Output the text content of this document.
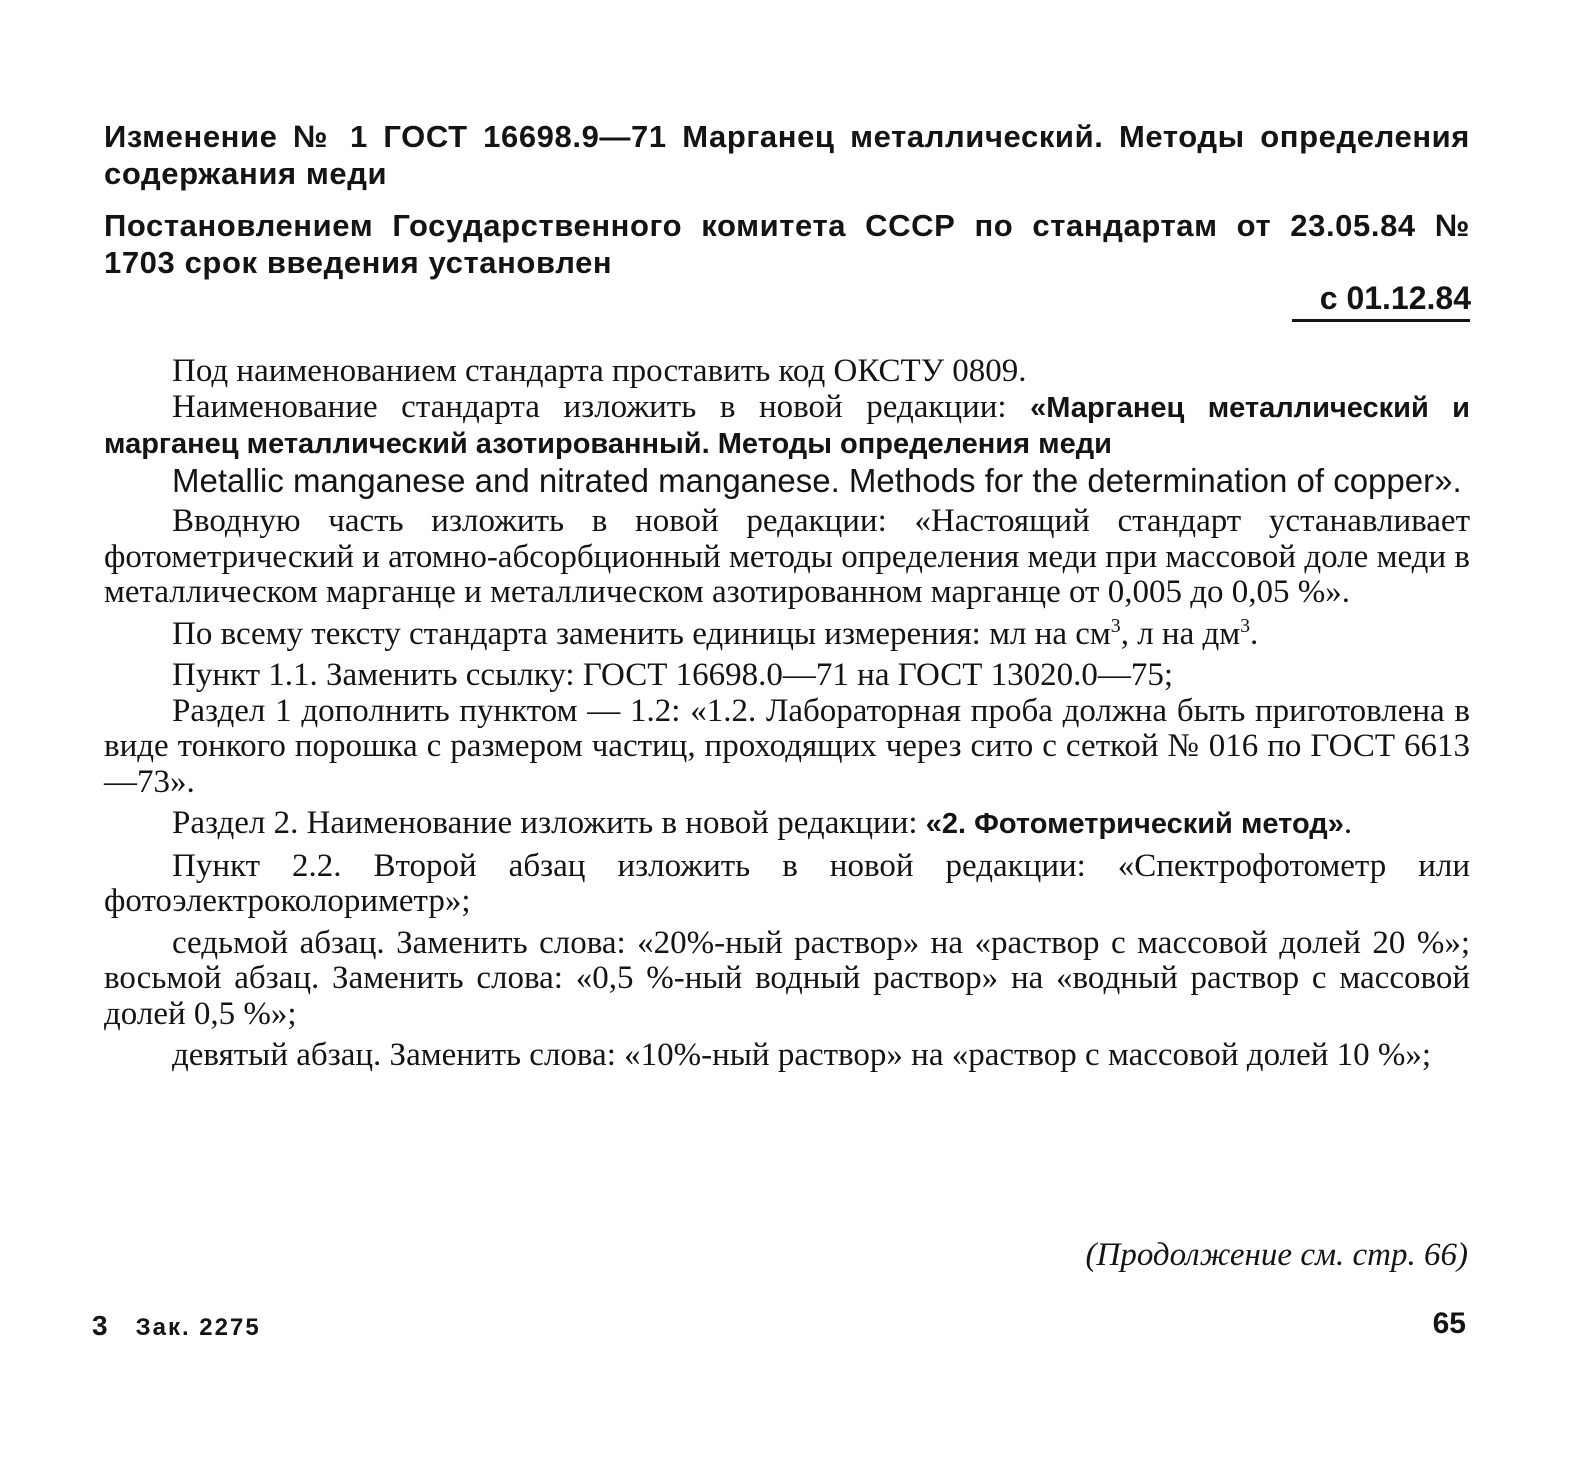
Изменение № 1 ГОСТ 16698.9—71 Марганец металлический. Методы определения содержания меди
Постановлением Государственного комитета СССР по стандартам от 23.05.84 № 1703 срок введения установлен
с 01.12.84

Под наименованием стандарта проставить код ОКСТУ 0809.

Наименование стандарта изложить в новой редакции: «Марганец металлический и марганец металлический азотированный. Методы определения меди

Metallic manganese and nitrated manganese. Methods for the determination of copper».

Вводную часть изложить в новой редакции: «Настоящий стандарт устанавливает фотометрический и атомно-абсорбционный методы определения меди при массовой доле меди в металлическом марганце и металлическом азотированном марганце от 0,005 до 0,05 %».

По всему тексту стандарта заменить единицы измерения: мл на $см^3$, л на $дм^3$.

Пункт 1.1. Заменить ссылку: ГОСТ 16698.0—71 на ГОСТ 13020.0—75;

Раздел 1 дополнить пунктом — 1.2: «1.2. Лабораторная проба должна быть приготовлена в виде тонкого порошка с размером частиц, проходящих через сито с сеткой № 016 по ГОСТ 6613—73».

Раздел 2. Наименование изложить в новой редакции: «2. Фотометрический метод».

Пункт 2.2. Второй абзац изложить в новой редакции: «Спектрофотометр или фотоэлектроколориметр»;

седьмой абзац. Заменить слова: «20%-ный раствор» на «раствор с массовой долей 20 %»; восьмой абзац. Заменить слова: «0,5 %-ный водный раствор» на «водный раствор с массовой долей 0,5 %»;

девятый абзац. Заменить слова: «10%-ный раствор» на «раствор с массовой долей 10 %»;

(Продолжение см. стр. 66)
3 Зак. 2275	65
